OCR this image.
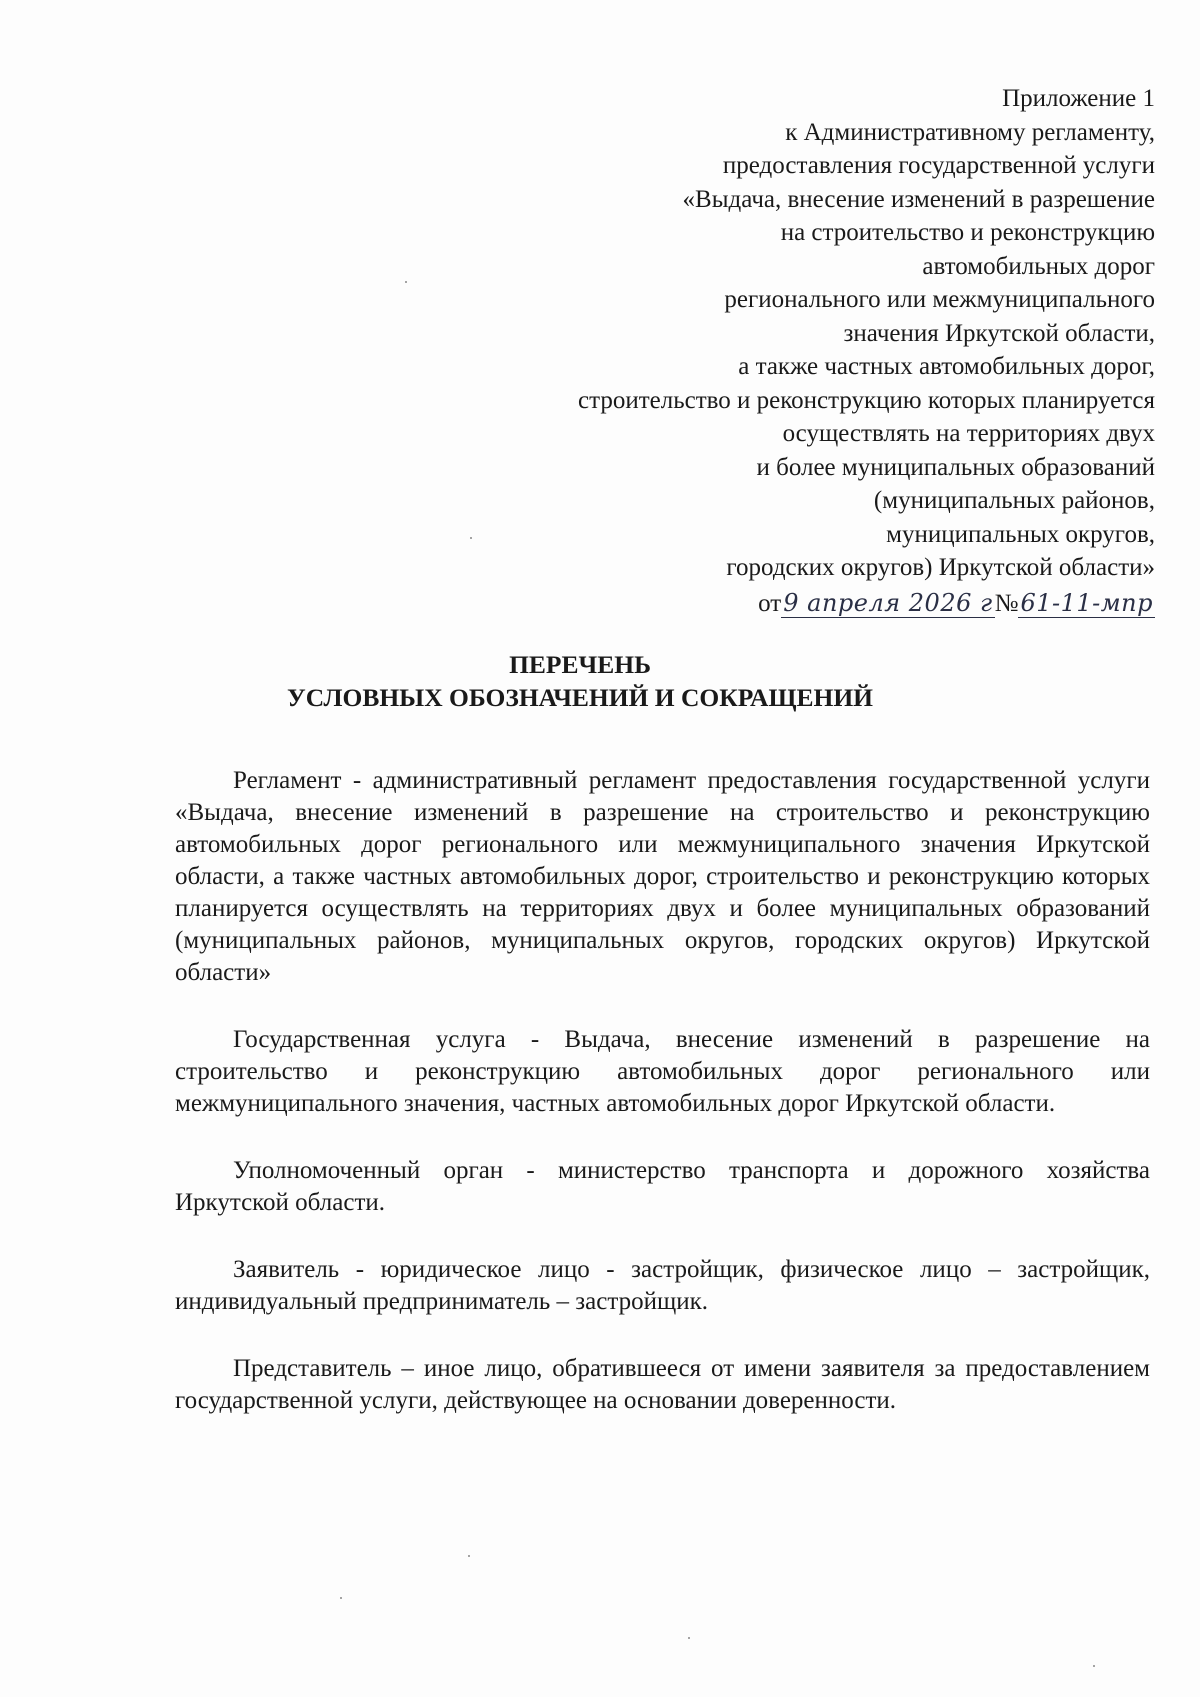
Приложение 1
к Административному регламенту,
предоставления государственной услуги
«Выдача, внесение изменений в разрешение
на строительство и реконструкцию
автомобильных дорог
регионального или межмуниципального
значения Иркутской области,
а также частных автомобильных дорог,
строительство и реконструкцию которых планируется
осуществлять на территориях двух
и более муниципальных образований
(муниципальных районов,
муниципальных округов,
городских округов) Иркутской области»
от9 апреля 2026 г№61-11-мпр
ПЕРЕЧЕНЬ
УСЛОВНЫХ ОБОЗНАЧЕНИЙ И СОКРАЩЕНИЙ

Регламент - административный регламент предоставления государственной услуги «Выдача, внесение изменений в разрешение на строительство и реконструкцию автомобильных дорог регионального или межмуниципального значения Иркутской области, а также частных автомобильных дорог, строительство и реконструкцию которых планируется осуществлять на территориях двух и более муниципальных образований (муниципальных районов, муниципальных округов, городских округов) Иркутской области»

Государственная услуга - Выдача, внесение изменений в разрешение на строительство и реконструкцию автомобильных дорог регионального или межмуниципального значения, частных автомобильных дорог Иркутской области.

Уполномоченный орган - министерство транспорта и дорожного хозяйства Иркутской области.

Заявитель - юридическое лицо - застройщик, физическое лицо – застройщик, индивидуальный предприниматель – застройщик.

Представитель – иное лицо, обратившееся от имени заявителя за предоставлением государственной услуги, действующее на основании доверенности.
